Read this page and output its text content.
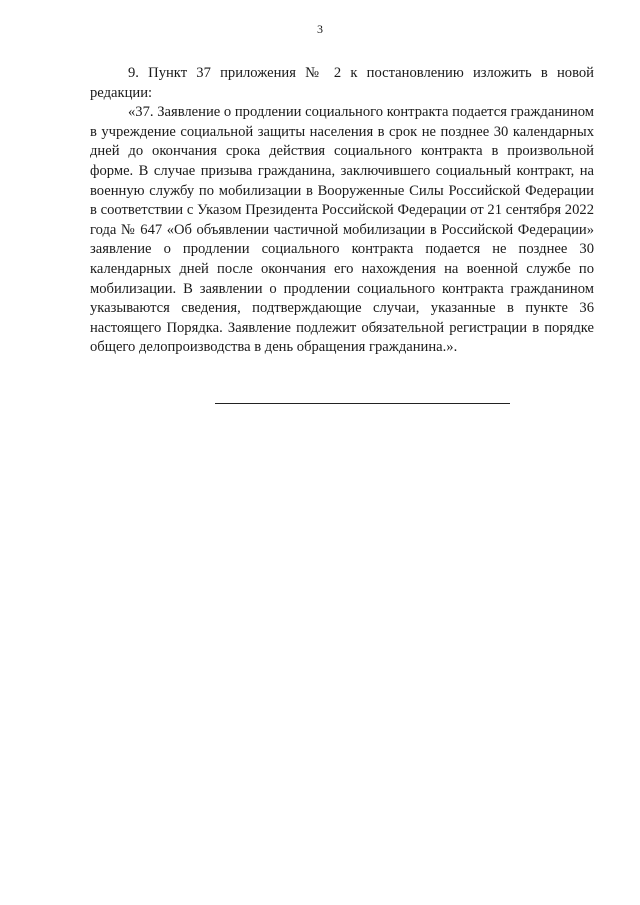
3

9. Пункт 37 приложения № 2 к постановлению изложить в новой редакции:

«37. Заявление о продлении социального контракта подается гражданином в учреждение социальной защиты населения в срок не позднее 30 календарных дней до окончания срока действия социального контракта в произвольной форме. В случае призыва гражданина, заключившего социальный контракт, на военную службу по мобилизации в Вооруженные Силы Российской Федерации в соответствии с Указом Президента Российской Федерации от 21 сентября 2022 года № 647 «Об объявлении частичной мобилизации в Российской Федерации» заявление о продлении социального контракта подается не позднее 30 календарных дней после окончания его нахождения на военной службе по мобилизации. В заявлении о продлении социального контракта гражданином указываются сведения, подтверждающие случаи, указанные в пункте 36 настоящего Порядка. Заявление подлежит обязательной регистрации в порядке общего делопроизводства в день обращения гражданина.».
